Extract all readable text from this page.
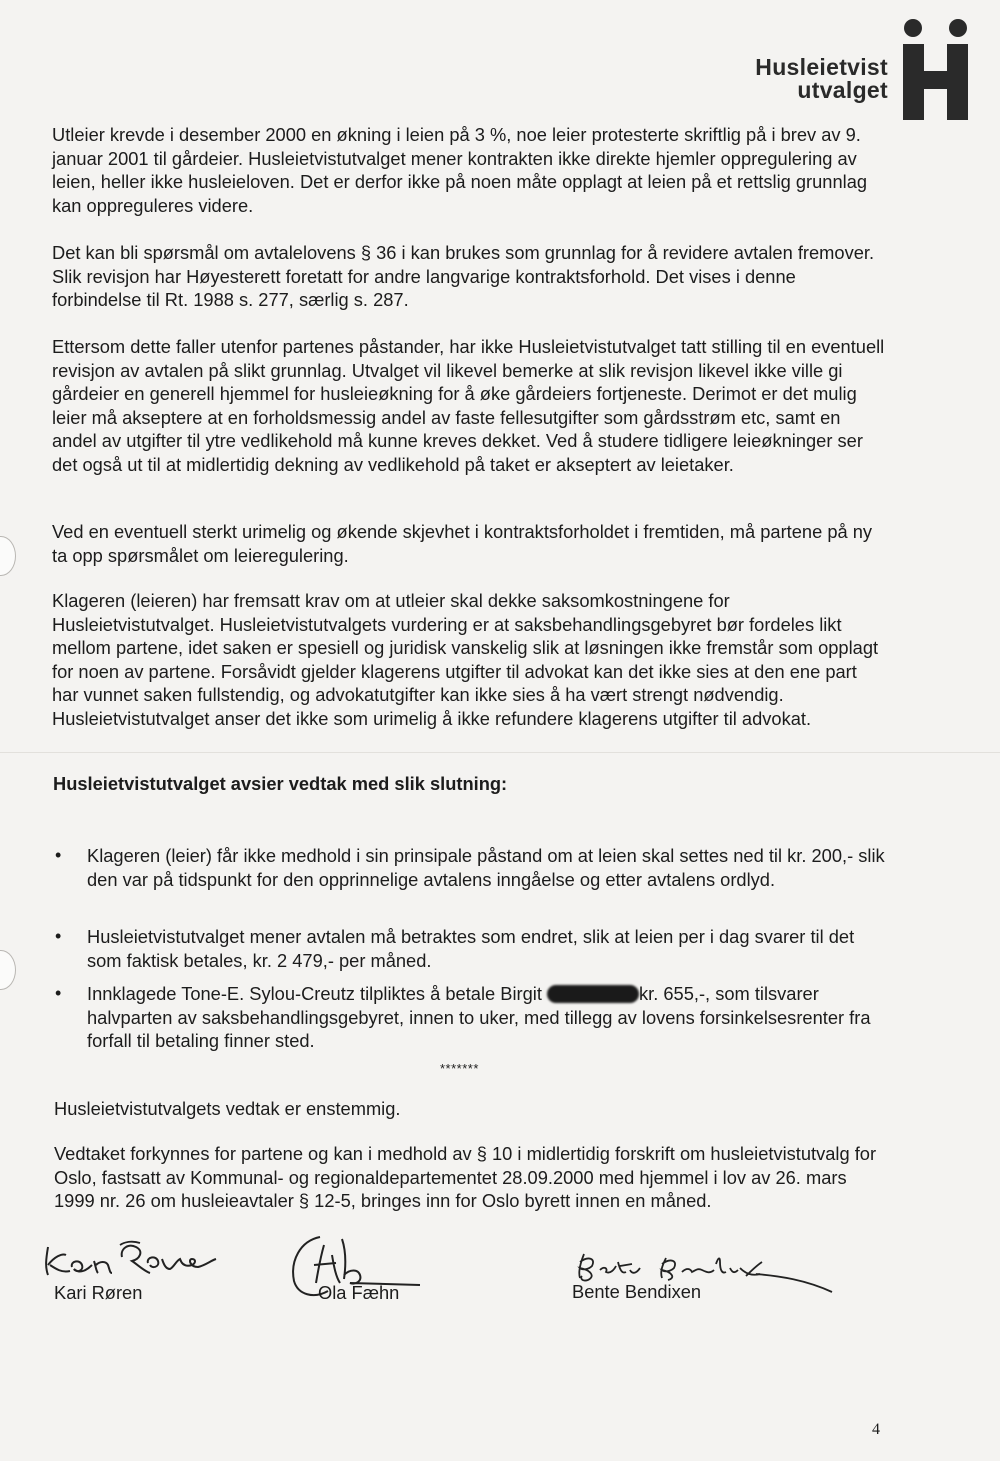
Husleietvist
utvalget

Utleier krevde i desember 2000 en økning i leien på 3 %, noe leier protesterte skriftlig på i brev av 9. januar 2001 til gårdeier. Husleietvistutvalget mener kontrakten ikke direkte hjemler oppregulering av leien, heller ikke husleieloven. Det er derfor ikke på noen måte opplagt at leien på et rettslig grunnlag kan oppreguleres videre.

Det kan bli spørsmål om avtalelovens § 36 i kan brukes som grunnlag for å revidere avtalen fremover. Slik revisjon har Høyesterett foretatt for andre langvarige kontraktsforhold. Det vises i denne forbindelse til Rt. 1988 s. 277, særlig s. 287.

Ettersom dette faller utenfor partenes påstander, har ikke Husleietvistutvalget tatt stilling til en eventuell revisjon av avtalen på slikt grunnlag. Utvalget vil likevel bemerke at slik revisjon likevel ikke ville gi gårdeier en generell hjemmel for husleieøkning for å øke gårdeiers fortjeneste. Derimot er det mulig leier må akseptere at en forholdsmessig andel av faste fellesutgifter som gårdsstrøm etc, samt en andel av utgifter til ytre vedlikehold må kunne kreves dekket. Ved å studere tidligere leieøkninger ser det også ut til at midlertidig dekning av vedlikehold på taket er akseptert av leietaker.

Ved en eventuell sterkt urimelig og økende skjevhet i kontraktsforholdet i fremtiden, må partene på ny ta opp spørsmålet om leieregulering.

Klageren (leieren) har fremsatt krav om at utleier skal dekke saksomkostningene for Husleietvistutvalget. Husleietvistutvalgets vurdering er at saksbehandlingsgebyret bør fordeles likt mellom partene, idet saken er spesiell og juridisk vanskelig slik at løsningen ikke fremstår som opplagt for noen av partene. Forsåvidt gjelder klagerens utgifter til advokat kan det ikke sies at den ene part har vunnet saken fullstendig, og advokatutgifter kan ikke sies å ha vært strengt nødvendig. Husleietvistutvalget anser det ikke som urimelig å ikke refundere klagerens utgifter til advokat.

Husleietvistutvalget avsier vedtak med slik slutning:
• Klageren (leier) får ikke medhold i sin prinsipale påstand om at leien skal settes ned til kr. 200,- slik den var på tidspunkt for den opprinnelige avtalens inngåelse og etter avtalens ordlyd.
• Husleietvistutvalget mener avtalen må betraktes som endret, slik at leien per i dag svarer til det som faktisk betales, kr. 2 479,- per måned.
• Innklagede Tone-E. Sylou-Creutz tilpliktes å betale Birgit	kr. 655,-, som tilsvarer halvparten av saksbehandlingsgebyret, innen to uker, med tillegg av lovens forsinkelsesrenter fra forfall til betaling finner sted.
*******

Husleietvistutvalgets vedtak er enstemmig.

Vedtaket forkynnes for partene og kan i medhold av § 10 i midlertidig forskrift om husleietvistutvalg for Oslo, fastsatt av Kommunal- og regionaldepartementet 28.09.2000 med hjemmel i lov av 26. mars 1999 nr. 26 om husleieavtaler § 12-5, bringes inn for Oslo byrett innen en måned.

Kari Røren	Ola Fæhn	Bente Bendixen
4
